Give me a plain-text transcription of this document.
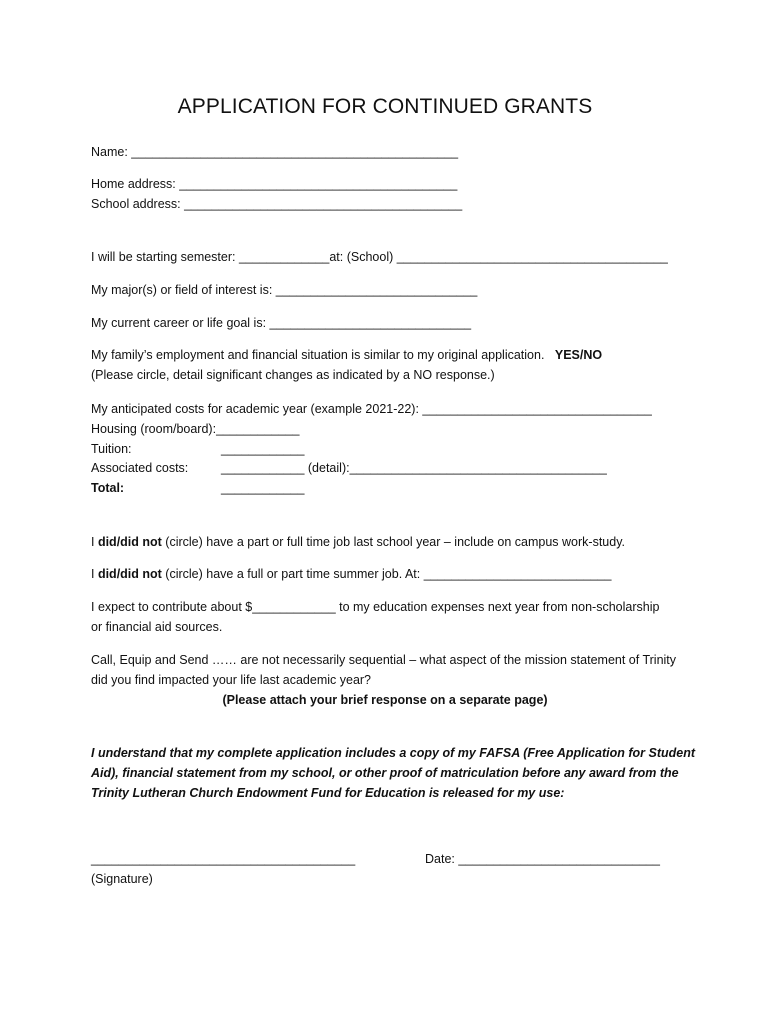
APPLICATION FOR CONTINUED GRANTS
Name: _______________________________________________
Home address: ________________________________________
School address: ________________________________________
I will be starting semester: _____________at: (School) _______________________________________
My major(s) or field of interest is: _____________________________
My current career or life goal is: _____________________________
My family’s employment and financial situation is similar to my original application. YES/NO
(Please circle, detail significant changes as indicated by a NO response.)
My anticipated costs for academic year (example 2021-22): _________________________________
Housing (room/board):____________
Tuition:	____________
Associated costs:	____________ (detail):_____________________________________
Total:	____________
I did/did not (circle) have a part or full time job last school year – include on campus work-study.
I did/did not (circle) have a full or part time summer job. At: ___________________________
I expect to contribute about $____________ to my education expenses next year from non-scholarship
or financial aid sources.
Call, Equip and Send …… are not necessarily sequential – what aspect of the mission statement of Trinity
did you find impacted your life last academic year?
(Please attach your brief response on a separate page)
I understand that my complete application includes a copy of my FAFSA (Free Application for Student
Aid), financial statement from my school, or other proof of matriculation before any award from the
Trinity Lutheran Church Endowment Fund for Education is released for my use:
______________________________________	Date: _____________________________
(Signature)
